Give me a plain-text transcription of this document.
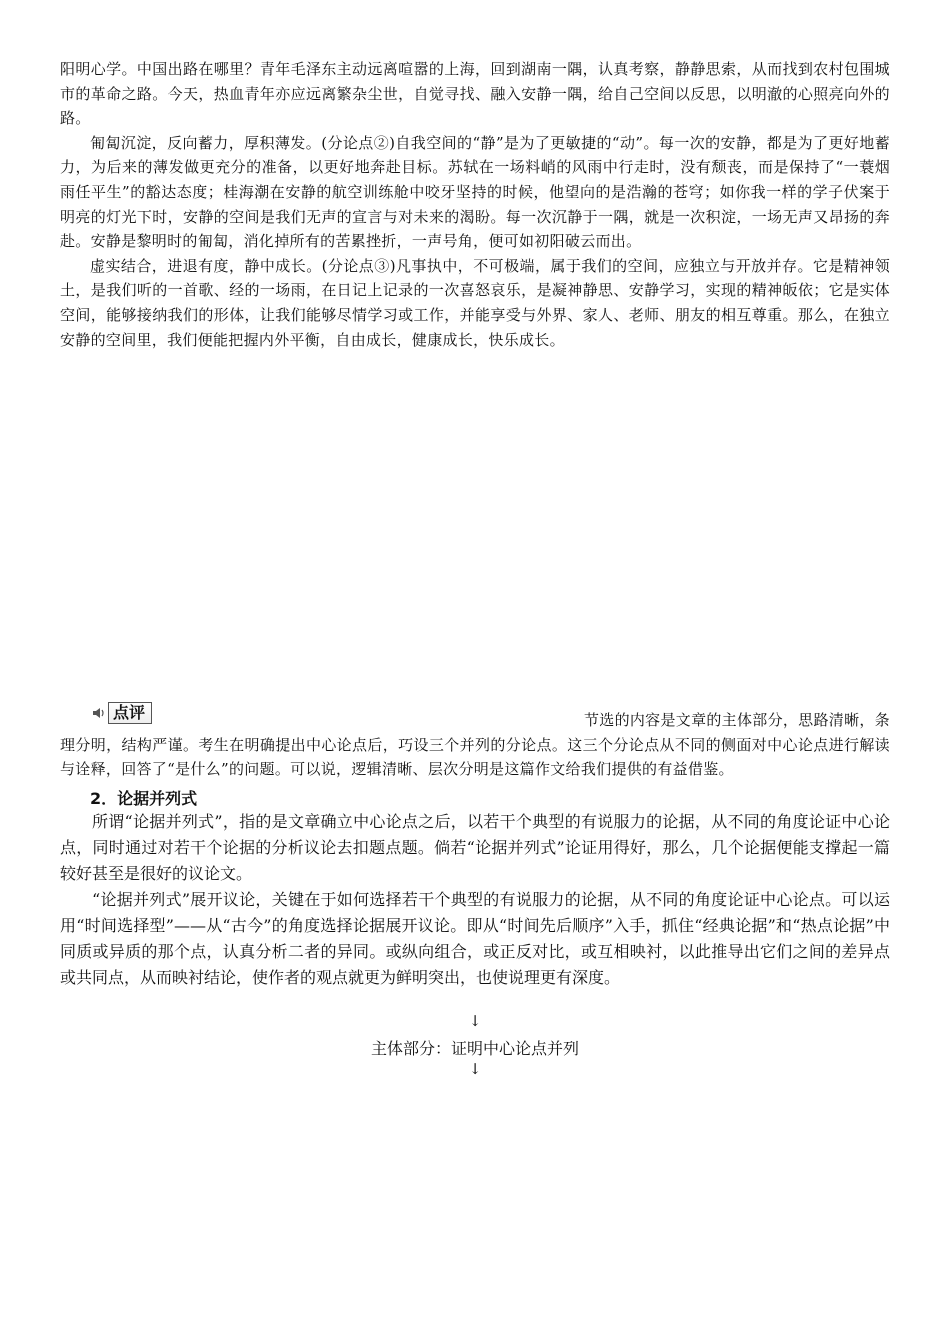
阳明心学。中国出路在哪里？青年毛泽东主动远离喧嚣的上海，回到湖南一隅，认真考察，静静思索，从而找到农村包围城市的革命之路。今天，热血青年亦应远离繁杂尘世，自觉寻找、融入安静一隅，给自己空间以反思，以明澈的心照亮向外的路。

匍匐沉淀，反向蓄力，厚积薄发。(分论点②)自我空间的“静”是为了更敏捷的“动”。每一次的安静，都是为了更好地蓄力，为后来的薄发做更充分的准备，以更好地奔赴目标。苏轼在一场料峭的风雨中行走时，没有颓丧，而是保持了“一蓑烟雨任平生”的豁达态度；桂海潮在安静的航空训练舱中咬牙坚持的时候，他望向的是浩瀚的苍穹；如你我一样的学子伏案于明亮的灯光下时，安静的空间是我们无声的宣言与对未来的渴盼。每一次沉静于一隅，就是一次积淀，一场无声又昂扬的奔赴。安静是黎明时的匍匐，消化掉所有的苦累挫折，一声号角，便可如初阳破云而出。

虚实结合，进退有度，静中成长。(分论点③)凡事执中，不可极端，属于我们的空间，应独立与开放并存。它是精神领土，是我们听的一首歌、经的一场雨，在日记上记录的一次喜怒哀乐，是凝神静思、安静学习，实现的精神皈依；它是实体空间，能够接纳我们的形体，让我们能够尽情学习或工作，并能享受与外界、家人、老师、朋友的相互尊重。那么，在独立安静的空间里，我们便能把握内外平衡，自由成长，健康成长，快乐成长。

点评	节选的内容是文章的主体部分，思路清晰，条

理分明，结构严谨。考生在明确提出中心论点后，巧设三个并列的分论点。这三个分论点从不同的侧面对中心论点进行解读与诠释，回答了“是什么”的问题。可以说，逻辑清晰、层次分明是这篇作文给我们提供的有益借鉴。

2．论据并列式

所谓“论据并列式”，指的是文章确立中心论点之后，以若干个典型的有说服力的论据，从不同的角度论证中心论点，同时通过对若干个论据的分析议论去扣题点题。倘若“论据并列式”论证用得好，那么，几个论据便能支撑起一篇较好甚至是很好的议论文。

“论据并列式”展开议论，关键在于如何选择若干个典型的有说服力的论据，从不同的角度论证中心论点。可以运用“时间选择型”——从“古今”的角度选择论据展开议论。即从“时间先后顺序”入手，抓住“经典论据”和“热点论据”中同质或异质的那个点，认真分析二者的异同。或纵向组合，或正反对比，或互相映衬，以此推导出它们之间的差异点或共同点，从而映衬结论，使作者的观点就更为鲜明突出，也使说理更有深度。

↓
主体部分：证明中心论点并列
↓
